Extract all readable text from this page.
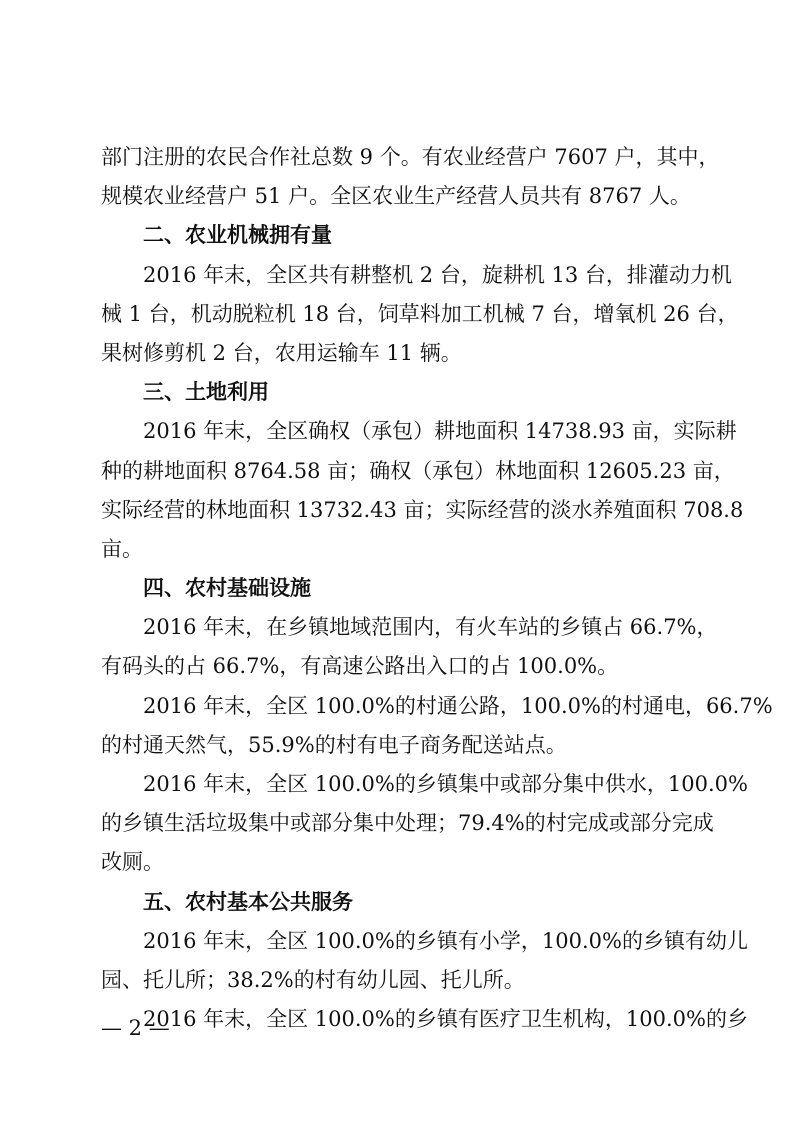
部门注册的农民合作社总数 9 个。有农业经营户 7607 户，其中，
规模农业经营户 51 户。全区农业生产经营人员共有 8767 人。
二、农业机械拥有量
2016 年末，全区共有耕整机 2 台，旋耕机 13 台，排灌动力机
械 1 台，机动脱粒机 18 台，饲草料加工机械 7 台，增氧机 26 台，
果树修剪机 2 台，农用运输车 11 辆。
三、土地利用
2016 年末，全区确权（承包）耕地面积 14738.93 亩，实际耕
种的耕地面积 8764.58 亩；确权（承包）林地面积 12605.23 亩，
实际经营的林地面积 13732.43 亩；实际经营的淡水养殖面积 708.8
亩。
四、农村基础设施
2016 年末，在乡镇地域范围内，有火车站的乡镇占 66.7%，
有码头的占 66.7%，有高速公路出入口的占 100.0%。
2016 年末，全区 100.0%的村通公路，100.0%的村通电，66.7%
的村通天然气，55.9%的村有电子商务配送站点。
2016 年末，全区 100.0%的乡镇集中或部分集中供水，100.0%
的乡镇生活垃圾集中或部分集中处理；79.4%的村完成或部分完成
改厕。
五、农村基本公共服务
2016 年末，全区 100.0%的乡镇有小学，100.0%的乡镇有幼儿
园、托儿所；38.2%的村有幼儿园、托儿所。
2016 年末，全区 100.0%的乡镇有医疗卫生机构，100.0%的乡
— 2 —
